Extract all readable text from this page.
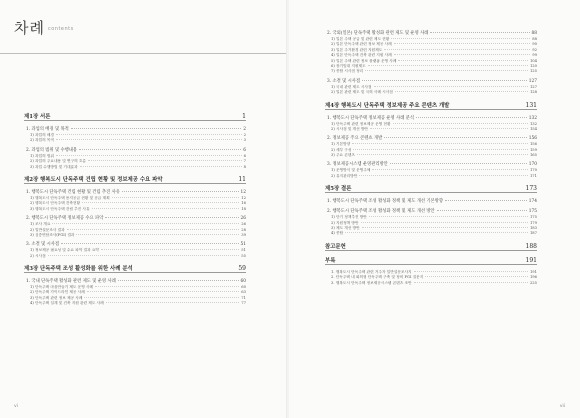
차례 $^{contents}$
제1장 서론	1
1. 과업의 배경 및 목적	2
1) 과업의 배경	2
2) 과업의 목적	3
2. 과업의 범위 및 수행내용	6
1) 과업의 범위	6
2) 과업의 주요내용 및 연구의 흐름	7
3) 과업 수행방법 및 기대효과	8
제2장 행복도시 단독주택 건립 현황 및 정보제공 수요 파악	11
1. 행복도시 단독주택 건립 현황 및 건립 추진 사유	12
1) 행복도시 단독주택 용지공급 현황 및 공급 계획	12
2) 행복도시 단독주택 건축현황	16
3) 행복도시 단독주택 건립 추진 사유	18
2. 행복도시 단독주택 정보제공 수요 파악	26
1) 조사 개요	26
2) 일반설문조사 결과	28
3) 심층면담조사(FGI) 결과	39
3. 소결 및 시사점	51
1) 정보제공 필요성 및 수요 파악 결과 요약	51
2) 시사점	55
제3장 단독주택 조성 활성화를 위한 사례 분석	59
1. 국내 단독주택 활성화 관련 제도 및 운영 사례	60
1) 단독주택 마을만들기 제도 운영 사례	60
2) 단독주택 가이드라인 제공 사례	63
3) 단독주택 관련 정보 제공 사례	71
4) 단독주택 설계 및 건축 지원 관련 제도 사례	77
vi
2. 국외(일본) 단독주택 활성화 관련 제도 및 운영 사례	88
1) 일본 주택 공급 및 관련 제도 현황	88
2) 일본 단독주택 관련 정보 제공 사례	90
3) 일본 주거환경 관련 지원제도	92
4) 일본 단독주택 건축 관련 지원 사례	99
5) 일본 주택 관련 정보 플랫폼 운영 사례	104
6) 장기임대 지원제도	120
7) 종합 시사점 정리	125
3. 소결 및 시사점	127
1) 국내 관련 제도 시사점	127
2) 일본 관련 제도 및 국외 사례 시사점	128
제4장 행복도시 단독주택 정보제공 주요 콘텐츠 개발	131
1. 행복도시 단독주택 정보제공 운영 사례 분석	132
1) 단독주택 관련 정보제공 운영 현황	132
2) 시사점 및 개선 방안	154
2. 정보제공 주요 콘텐츠 개발	156
1) 기본방향	156
2) 세부 구성	159
3) 주요 콘텐츠	165
3. 정보제공시스템 운영관리방안	170
1) 운영방식 및 운영주체	170
2) 유지관리방안	171
제5장 결론	173
1. 행복도시 단독주택 조성 활성화 정책 및 제도 개선 기본방향	174
2. 행복도시 단독주택 조성 활성화 정책 및 제도 개선 방안	175
1) 단기 정책추진 방안	175
2) 지원정책 방안	179
3) 제도 개선 방안	183
4) 종합	187
참고문헌	188
부록	191
1. 행복도시 단독주택 관련 거주자 일반설문조사지	191
2. 단독주택 내 회의형 단독주택 구축 및 정비 FGI 질문지	196
3. 행복도시 단독주택 정보제공시스템 콘텐츠 조안	225
vii
